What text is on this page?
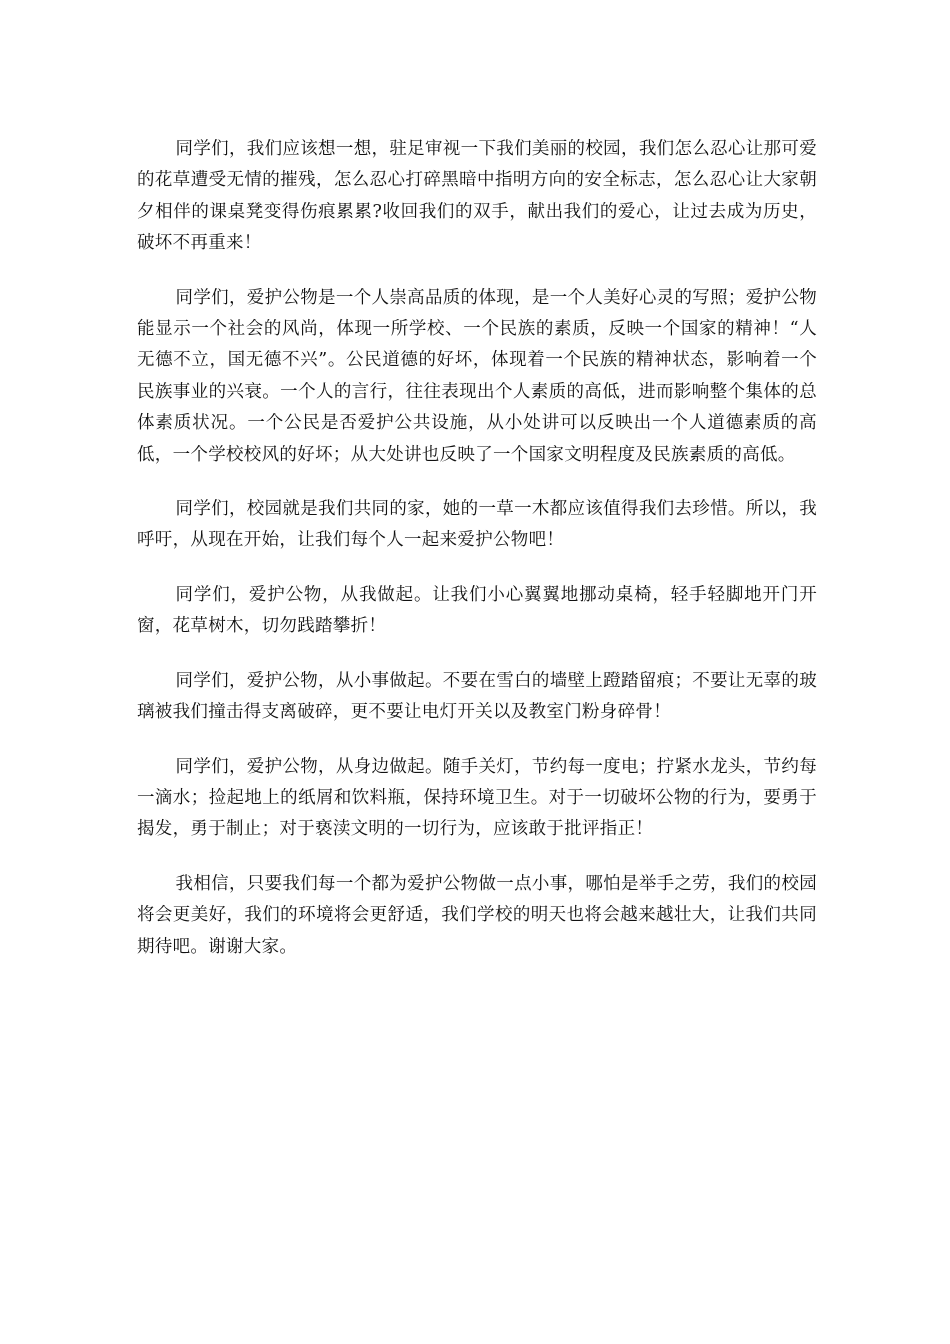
同学们，我们应该想一想，驻足审视一下我们美丽的校园，我们怎么忍心让那可爱的花草遭受无情的摧残，怎么忍心打碎黑暗中指明方向的安全标志，怎么忍心让大家朝夕相伴的课桌凳变得伤痕累累?收回我们的双手，献出我们的爱心，让过去成为历史，破坏不再重来！

同学们，爱护公物是一个人崇高品质的体现，是一个人美好心灵的写照；爱护公物能显示一个社会的风尚，体现一所学校、一个民族的素质，反映一个国家的精神！“人无德不立，国无德不兴”。公民道德的好坏，体现着一个民族的精神状态，影响着一个民族事业的兴衰。一个人的言行，往往表现出个人素质的高低，进而影响整个集体的总体素质状况。一个公民是否爱护公共设施，从小处讲可以反映出一个人道德素质的高低，一个学校校风的好坏；从大处讲也反映了一个国家文明程度及民族素质的高低。

同学们，校园就是我们共同的家，她的一草一木都应该值得我们去珍惜。所以，我呼吁，从现在开始，让我们每个人一起来爱护公物吧！

同学们，爱护公物，从我做起。让我们小心翼翼地挪动桌椅，轻手轻脚地开门开窗，花草树木，切勿践踏攀折！

同学们，爱护公物，从小事做起。不要在雪白的墙壁上蹬踏留痕；不要让无辜的玻璃被我们撞击得支离破碎，更不要让电灯开关以及教室门粉身碎骨！

同学们，爱护公物，从身边做起。随手关灯，节约每一度电；拧紧水龙头，节约每一滴水；捡起地上的纸屑和饮料瓶，保持环境卫生。对于一切破坏公物的行为，要勇于揭发，勇于制止；对于亵渎文明的一切行为，应该敢于批评指正！

我相信，只要我们每一个都为爱护公物做一点小事，哪怕是举手之劳，我们的校园将会更美好，我们的环境将会更舒适，我们学校的明天也将会越来越壮大，让我们共同期待吧。谢谢大家。
